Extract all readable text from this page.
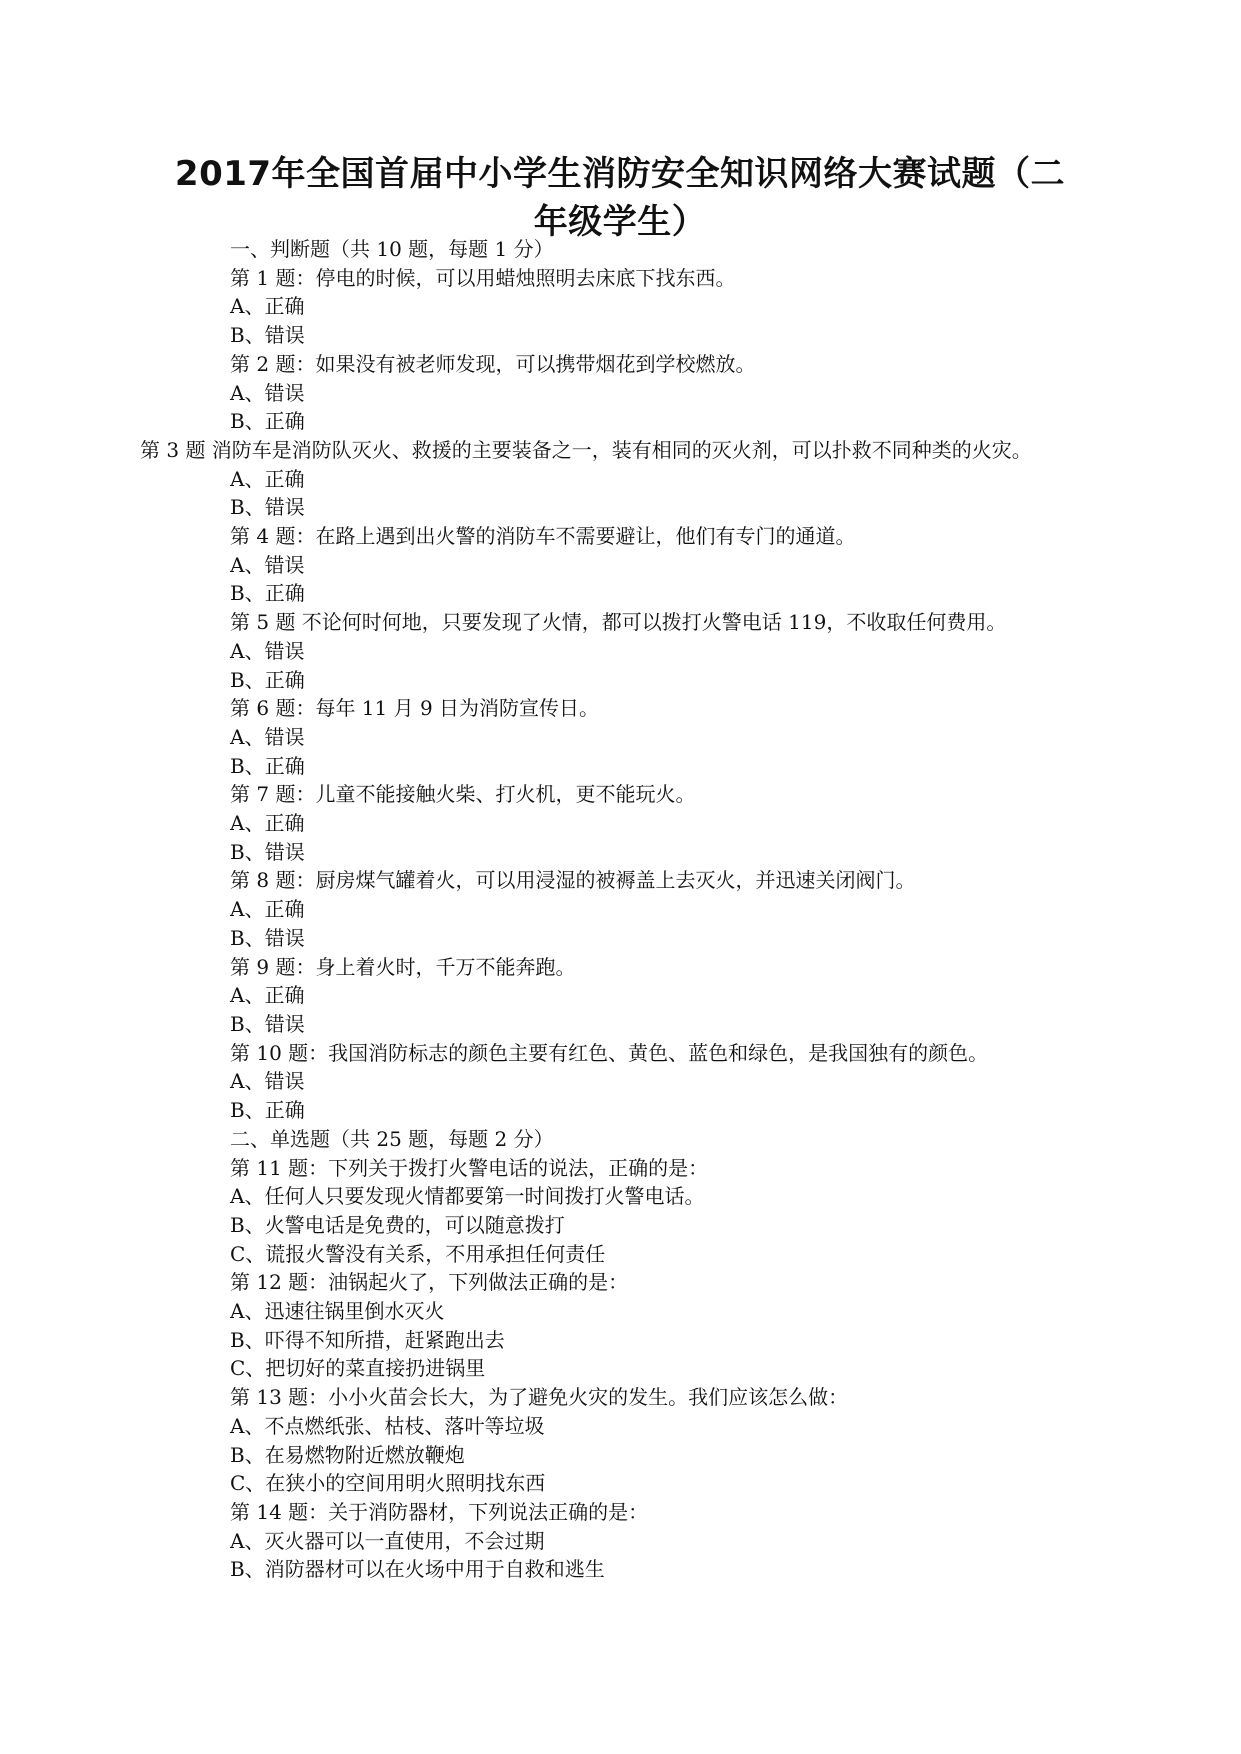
2017年全国首届中小学生消防安全知识网络大赛试题（二年级学生）

一、判断题（共 10 题，每题 1 分）

第 1 题：停电的时候，可以用蜡烛照明去床底下找东西。

A、正确

B、错误

第 2 题：如果没有被老师发现，可以携带烟花到学校燃放。

A、错误

B、正确

第 3 题 消防车是消防队灭火、救援的主要装备之一，装有相同的灭火剂，可以扑救不同种类的火灾。

A、正确

B、错误

第 4 题：在路上遇到出火警的消防车不需要避让，他们有专门的通道。

A、错误

B、正确

第 5 题 不论何时何地，只要发现了火情，都可以拨打火警电话 119，不收取任何费用。

A、错误

B、正确

第 6 题：每年 11 月 9 日为消防宣传日。

A、错误

B、正确

第 7 题：儿童不能接触火柴、打火机，更不能玩火。

A、正确

B、错误

第 8 题：厨房煤气罐着火，可以用浸湿的被褥盖上去灭火，并迅速关闭阀门。

A、正确

B、错误

第 9 题：身上着火时，千万不能奔跑。

A、正确

B、错误

第 10 题：我国消防标志的颜色主要有红色、黄色、蓝色和绿色，是我国独有的颜色。

A、错误

B、正确

二、单选题（共 25 题，每题 2 分）

第 11 题：下列关于拨打火警电话的说法，正确的是：

A、任何人只要发现火情都要第一时间拨打火警电话。

B、火警电话是免费的，可以随意拨打

C、谎报火警没有关系，不用承担任何责任

第 12 题：油锅起火了，下列做法正确的是：

A、迅速往锅里倒水灭火

B、吓得不知所措，赶紧跑出去

C、把切好的菜直接扔进锅里

第 13 题：小小火苗会长大，为了避免火灾的发生。我们应该怎么做：

A、不点燃纸张、枯枝、落叶等垃圾

B、在易燃物附近燃放鞭炮

C、在狭小的空间用明火照明找东西

第 14 题：关于消防器材，下列说法正确的是：

A、灭火器可以一直使用，不会过期

B、消防器材可以在火场中用于自救和逃生
